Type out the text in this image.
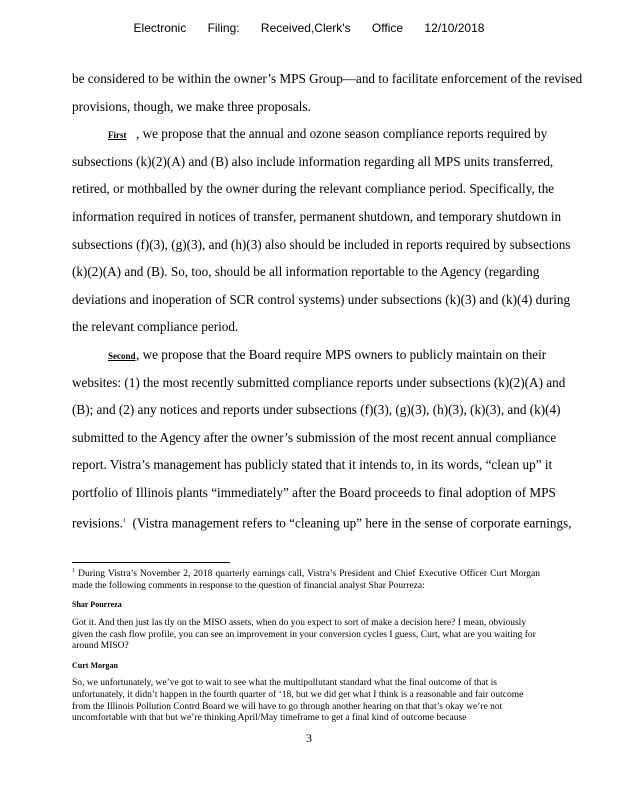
Electronic Filing: Received,Clerk's Office 12/10/2018
be considered to be within the owner’s MPS Group—and to facilitate enforcement of the revised
provisions, though, we make three proposals.
First , we propose that the annual and ozone season compliance reports required by
subsections (k)(2)(A) and (B) also include information regarding all MPS units transferred,
retired, or mothballed by the owner during the relevant compliance period. Specifically, the
information required in notices of transfer, permanent shutdown, and temporary shutdown in
subsections (f)(3), (g)(3), and (h)(3) also should be included in reports required by subsections
(k)(2)(A) and (B). So, too, should be all information reportable to the Agency (regarding
deviations and inoperation of SCR control systems) under subsections (k)(3) and (k)(4) during
the relevant compliance period.
Second, we propose that the Board require MPS owners to publicly maintain on their
websites: (1) the most recently submitted compliance reports under subsections (k)(2)(A) and
(B); and (2) any notices and reports under subsections (f)(3), (g)(3), (h)(3), (k)(3), and (k)(4)
submitted to the Agency after the owner’s submission of the most recent annual compliance
report. Vistra’s management has publicly stated that it intends to, in its words, “clean up” it
portfolio of Illinois plants “immediately” after the Board proceeds to final adoption of MPS
revisions.$^1$ (Vistra management refers to “cleaning up” here in the sense of corporate earnings,

$^1$ During Vistra’s November 2, 2018 quarterly earnings call, Vistra’s President and Chief Executive Officer Curt Morgan made the following comments in response to the question of financial analyst Shar Pourreza:

Shar Pourreza

Got it. And then just las tly on the MISO assets, when do you expect to sort of make a decision here? I mean, obviously given the cash flow profile, you can see an improvement in your conversion cycles I guess, Curt, what are you waiting for around MISO?

Curt Morgan

So, we unfortunately, we’ve got to wait to see what the multipollutant standard what the final outcome of that is unfortunately, it didn’t happen in the fourth quarter of ‘18, but we did get what I think is a reasonable and fair outcome from the Illinois Pollution Contrd Board we will have to go through another hearing on that that’s okay we’re not uncomfortable with that but we’re thinking April/May timeframe to get a final kind of outcome because

3
